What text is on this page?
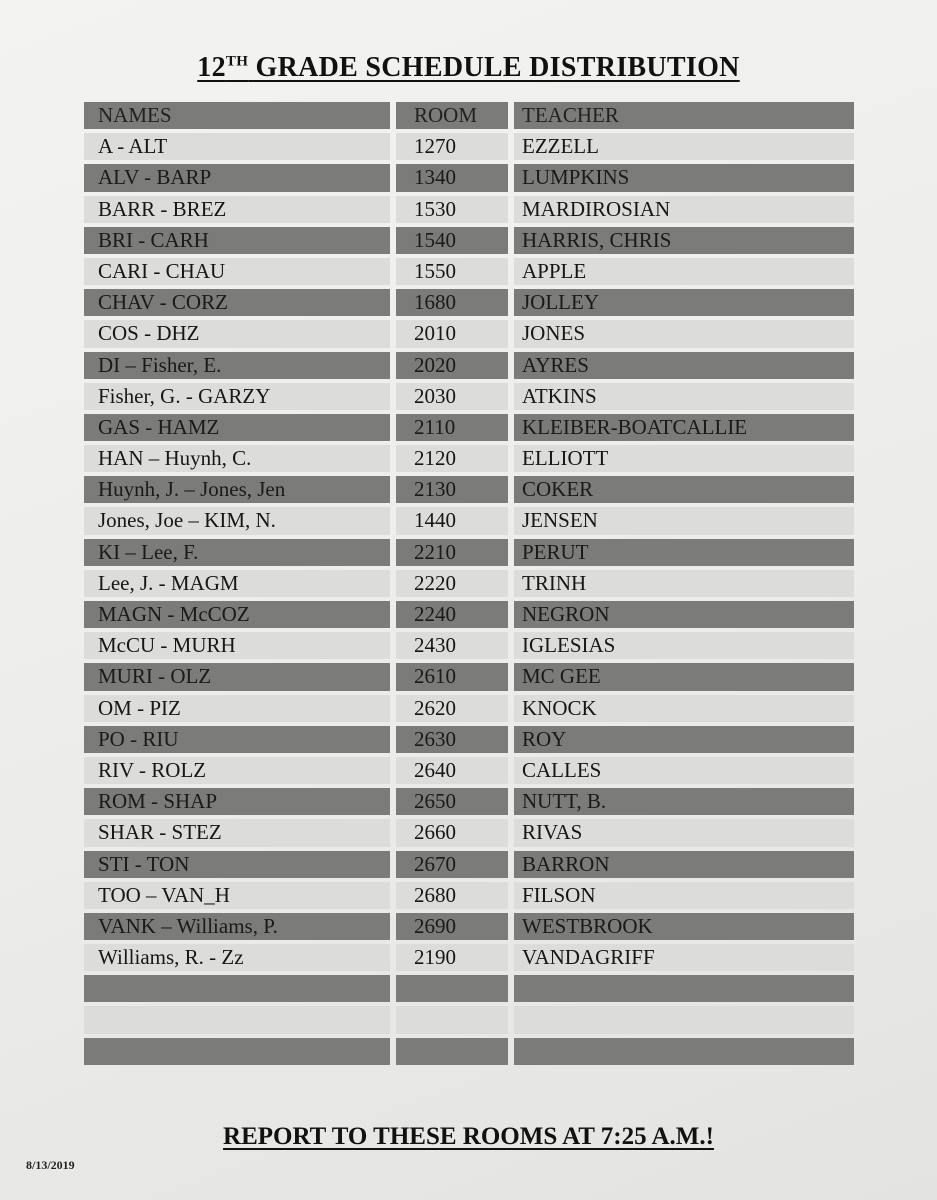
12TH GRADE SCHEDULE DISTRIBUTION
NAMES	ROOM	TEACHER
A - ALT	1270	EZZELL
ALV - BARP	1340	LUMPKINS
BARR - BREZ	1530	MARDIROSIAN
BRI - CARH	1540	HARRIS, CHRIS
CARI - CHAU	1550	APPLE
CHAV - CORZ	1680	JOLLEY
COS - DHZ	2010	JONES
DI – Fisher, E.	2020	AYRES
Fisher, G. - GARZY	2030	ATKINS
GAS - HAMZ	2110	KLEIBER-BOATCALLIE
HAN – Huynh, C.	2120	ELLIOTT
Huynh, J. – Jones, Jen	2130	COKER
Jones, Joe – KIM, N.	1440	JENSEN
KI – Lee, F.	2210	PERUT
Lee, J. - MAGM	2220	TRINH
MAGN - McCOZ	2240	NEGRON
McCU - MURH	2430	IGLESIAS
MURI - OLZ	2610	MC GEE
OM - PIZ	2620	KNOCK
PO - RIU	2630	ROY
RIV - ROLZ	2640	CALLES
ROM - SHAP	2650	NUTT, B.
SHAR - STEZ	2660	RIVAS
STI - TON	2670	BARRON
TOO – VAN_H	2680	FILSON
VANK – Williams, P.	2690	WESTBROOK
Williams, R. - Zz	2190	VANDAGRIFF
REPORT TO THESE ROOMS AT 7:25 A.M.!
8/13/2019
